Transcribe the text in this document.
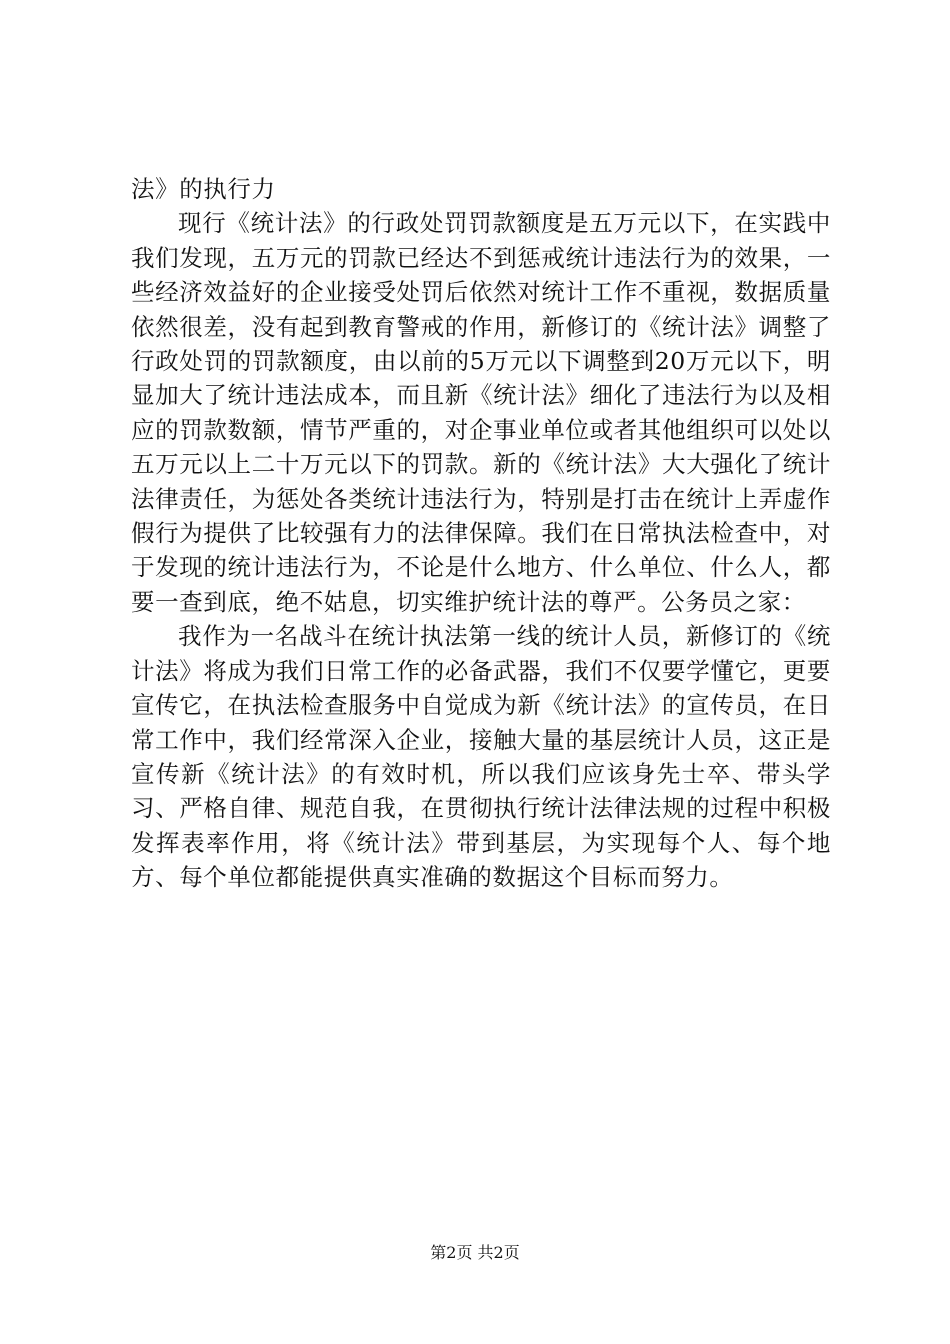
法》的执行力

现行《统计法》的行政处罚罚款额度是五万元以下，在实践中我们发现，五万元的罚款已经达不到惩戒统计违法行为的效果，一些经济效益好的企业接受处罚后依然对统计工作不重视，数据质量依然很差，没有起到教育警戒的作用，新修订的《统计法》调整了行政处罚的罚款额度，由以前的5万元以下调整到20万元以下，明显加大了统计违法成本，而且新《统计法》细化了违法行为以及相应的罚款数额，情节严重的，对企事业单位或者其他组织可以处以五万元以上二十万元以下的罚款。新的《统计法》大大强化了统计法律责任，为惩处各类统计违法行为，特别是打击在统计上弄虚作假行为提供了比较强有力的法律保障。我们在日常执法检查中，对于发现的统计违法行为，不论是什么地方、什么单位、什么人，都要一查到底，绝不姑息，切实维护统计法的尊严。公务员之家：

我作为一名战斗在统计执法第一线的统计人员，新修订的《统计法》将成为我们日常工作的必备武器，我们不仅要学懂它，更要宣传它，在执法检查服务中自觉成为新《统计法》的宣传员，在日常工作中，我们经常深入企业，接触大量的基层统计人员，这正是宣传新《统计法》的有效时机，所以我们应该身先士卒、带头学习、严格自律、规范自我，在贯彻执行统计法律法规的过程中积极发挥表率作用，将《统计法》带到基层，为实现每个人、每个地方、每个单位都能提供真实准确的数据这个目标而努力。

第2页 共2页
